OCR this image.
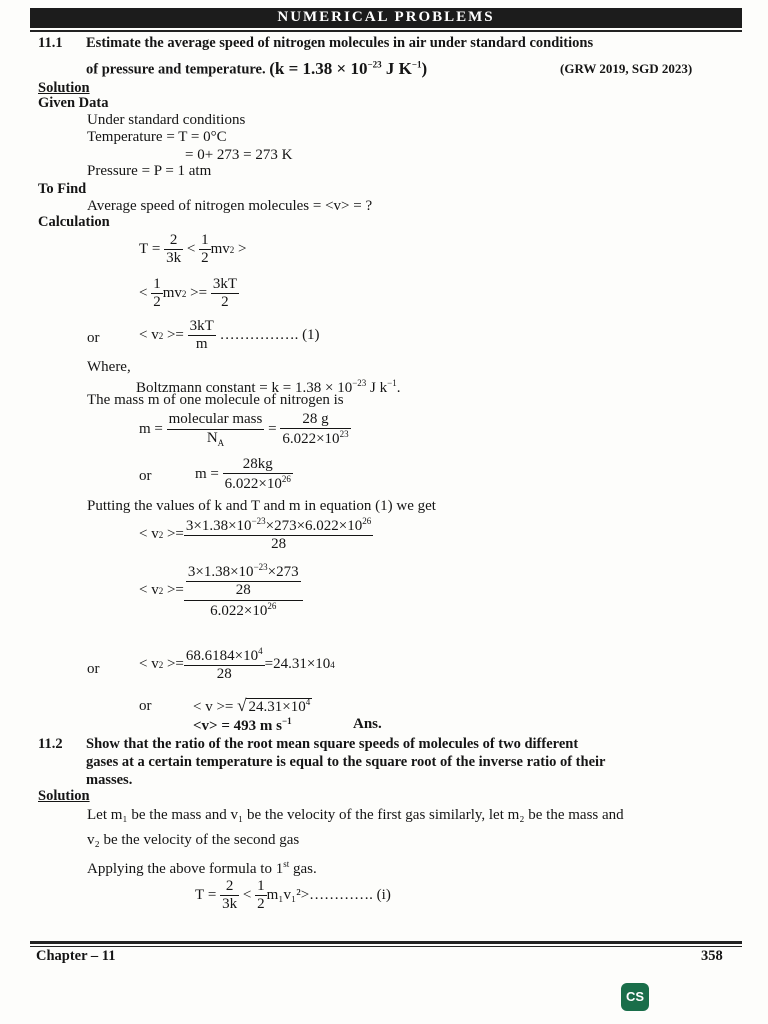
NUMERICAL PROBLEMS
11.1 Estimate the average speed of nitrogen molecules in air under standard conditions
of pressure and temperature. ($k = 1.38 \times 10^{-23}$ J $K^{-1}$)	(GRW 2019, SGD 2023)
Solution
Given Data
Under standard conditions
Temperature = T = 0°C
= 0+ 273 = 273 K
Pressure = P = 1 atm
To Find
Average speed of nitrogen molecules = <v> = ?
Calculation
$T = \frac{2}{3k} < \frac{1}{2}$ mv 2 >
< $\frac{1}{2}$ mv $2 >= \frac{3kT}{2}$
or	< v $2 >= \frac{3kT}{m}$
……………. (1)
Where,
Boltzmann constant = $k = 1.38 \times 10^{-23}$ J $k^{-1}$.
The mass m of one molecule of nitrogen is
$m = \frac{\text{molecular mass}}{N_A} = \frac{28 g}{6.022\times 10^{23}}$
or	$m = \frac{28kg}{6.022\times 10^{26}}$
Putting the values of k and T and m in equation (1) we get
< v $2 >= \frac{3\times 1.38\times 10^{-23}\times 273\times 6.022\times 10^{26}}{28}$
< v $2 >= 3\times 1.38\times 10^{-23}\times 273$
28
$6.022\times 10^{26}$
or	< v $2 >= \frac{68.6184\times 10^4}{28} =24.31\times 10$ 4
or	< v >= √ $24.31\times 10^4$
<v> = 493 m $s^{-1}$	Ans.
11.2 Show that the ratio of the root mean square speeds of molecules of two different
gases at a certain temperature is equal to the square root of the inverse ratio of their
masses.
Solution
Let m₁ be the mass and v₁ be the velocity of the first gas similarly, let m₂ be the mass and
v₂ be the velocity of the second gas
Applying the above formula to 1st gas.
$T = \frac{2}{3k} < \frac{1}{2}$ m₁v₁²>…………. (i)
Chapter – 11	358
CS
